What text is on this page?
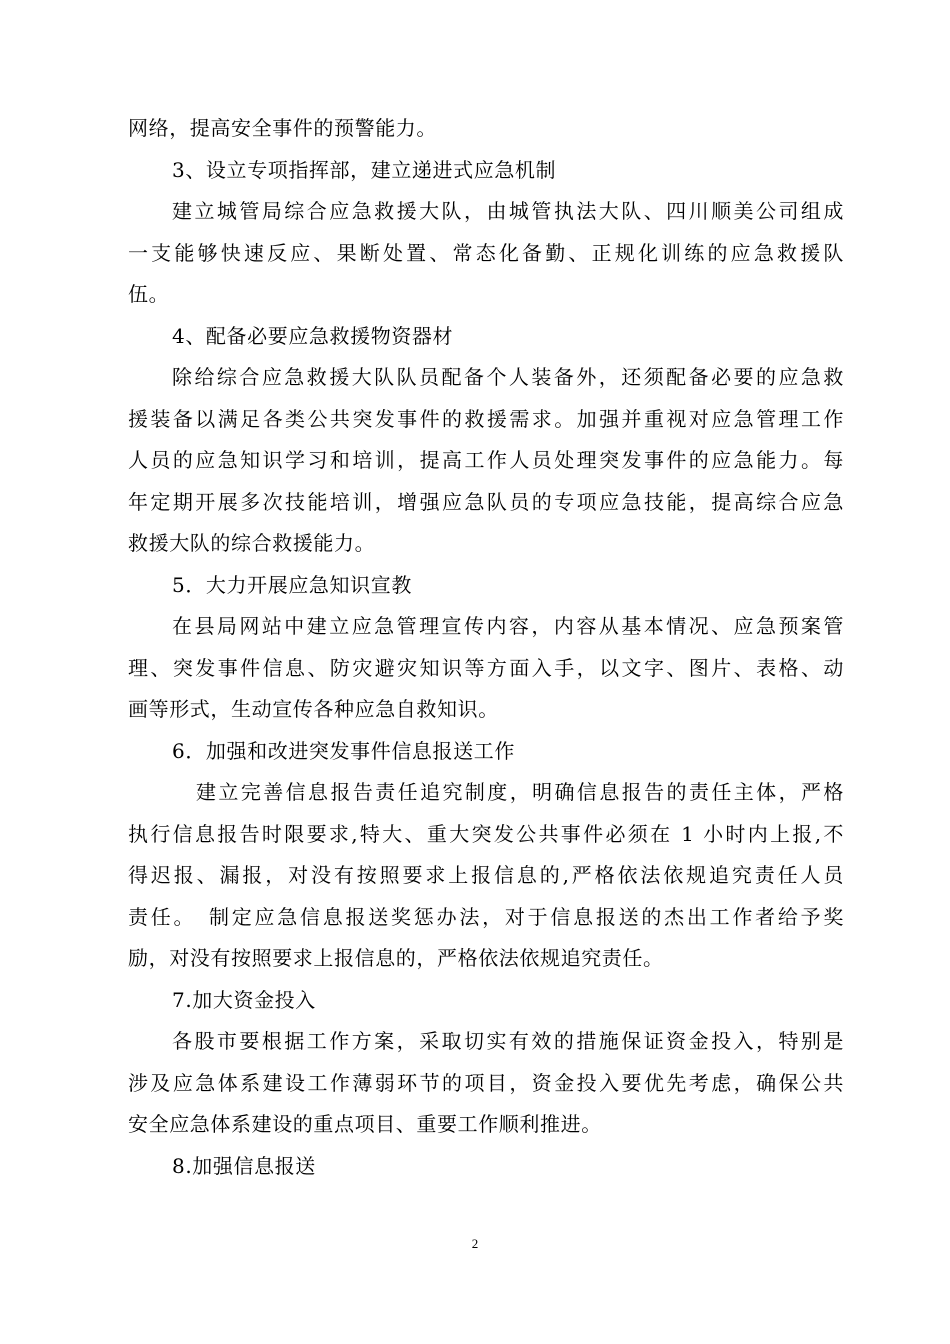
网络，提高安全事件的预警能力。
3、设立专项指挥部，建立递进式应急机制
建立城管局综合应急救援大队，由城管执法大队、四川顺美公司组成
一支能够快速反应、果断处置、常态化备勤、正规化训练的应急救援队
伍。
4、配备必要应急救援物资器材
除给综合应急救援大队队员配备个人装备外，还须配备必要的应急救
援装备以满足各类公共突发事件的救援需求。加强并重视对应急管理工作
人员的应急知识学习和培训，提高工作人员处理突发事件的应急能力。每
年定期开展多次技能培训，增强应急队员的专项应急技能，提高综合应急
救援大队的综合救援能力。
5．大力开展应急知识宣教
在县局网站中建立应急管理宣传内容，内容从基本情况、应急预案管
理、突发事件信息、防灾避灾知识等方面入手，以文字、图片、表格、动
画等形式，生动宣传各种应急自救知识。
6．加强和改进突发事件信息报送工作
建立完善信息报告责任追究制度，明确信息报告的责任主体，严格
执行信息报告时限要求,特大、重大突发公共事件必须在 1 小时内上报,不
得迟报、漏报，对没有按照要求上报信息的,严格依法依规追究责任人员
责任。　制定应急信息报送奖惩办法，对于信息报送的杰出工作者给予奖
励，对没有按照要求上报信息的，严格依法依规追究责任。
7.加大资金投入
各股市要根据工作方案，采取切实有效的措施保证资金投入，特别是
涉及应急体系建设工作薄弱环节的项目，资金投入要优先考虑，确保公共
安全应急体系建设的重点项目、重要工作顺利推进。
8.加强信息报送
2
